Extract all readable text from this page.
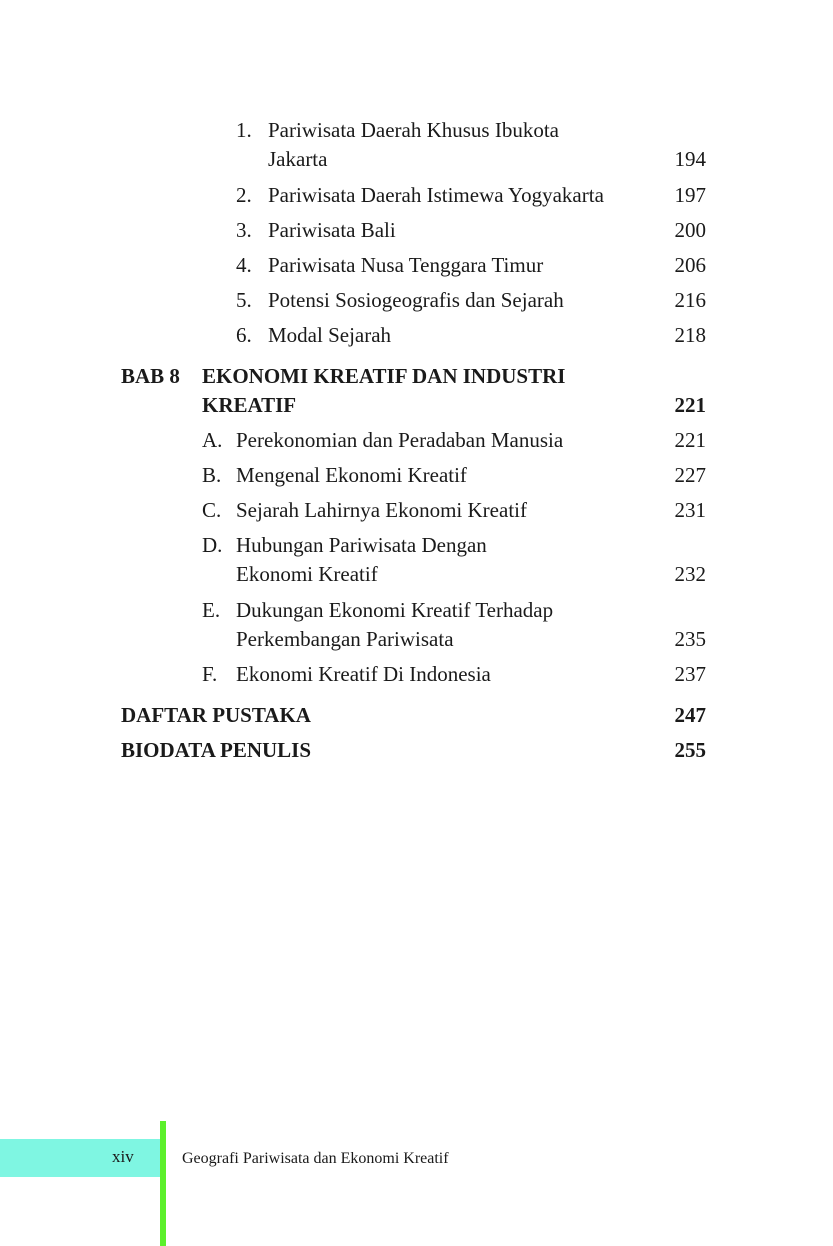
1. Pariwisata Daerah Khusus Ibukota
Jakarta	194
2. Pariwisata Daerah Istimewa Yogyakarta	197
3. Pariwisata Bali	200
4. Pariwisata Nusa Tenggara Timur	206
5. Potensi Sosiogeografis dan Sejarah	216
6. Modal Sejarah	218
BAB 8 EKONOMI KREATIF DAN INDUSTRI
KREATIF	221
A. Perekonomian dan Peradaban Manusia	221
B. Mengenal Ekonomi Kreatif	227
C. Sejarah Lahirnya Ekonomi Kreatif	231
D. Hubungan Pariwisata Dengan
Ekonomi Kreatif	232
E. Dukungan Ekonomi Kreatif Terhadap
Perkembangan Pariwisata	235
F. Ekonomi Kreatif Di Indonesia	237
DAFTAR PUSTAKA	247
BIODATA PENULIS	255
xiv	Geografi Pariwisata dan Ekonomi Kreatif
